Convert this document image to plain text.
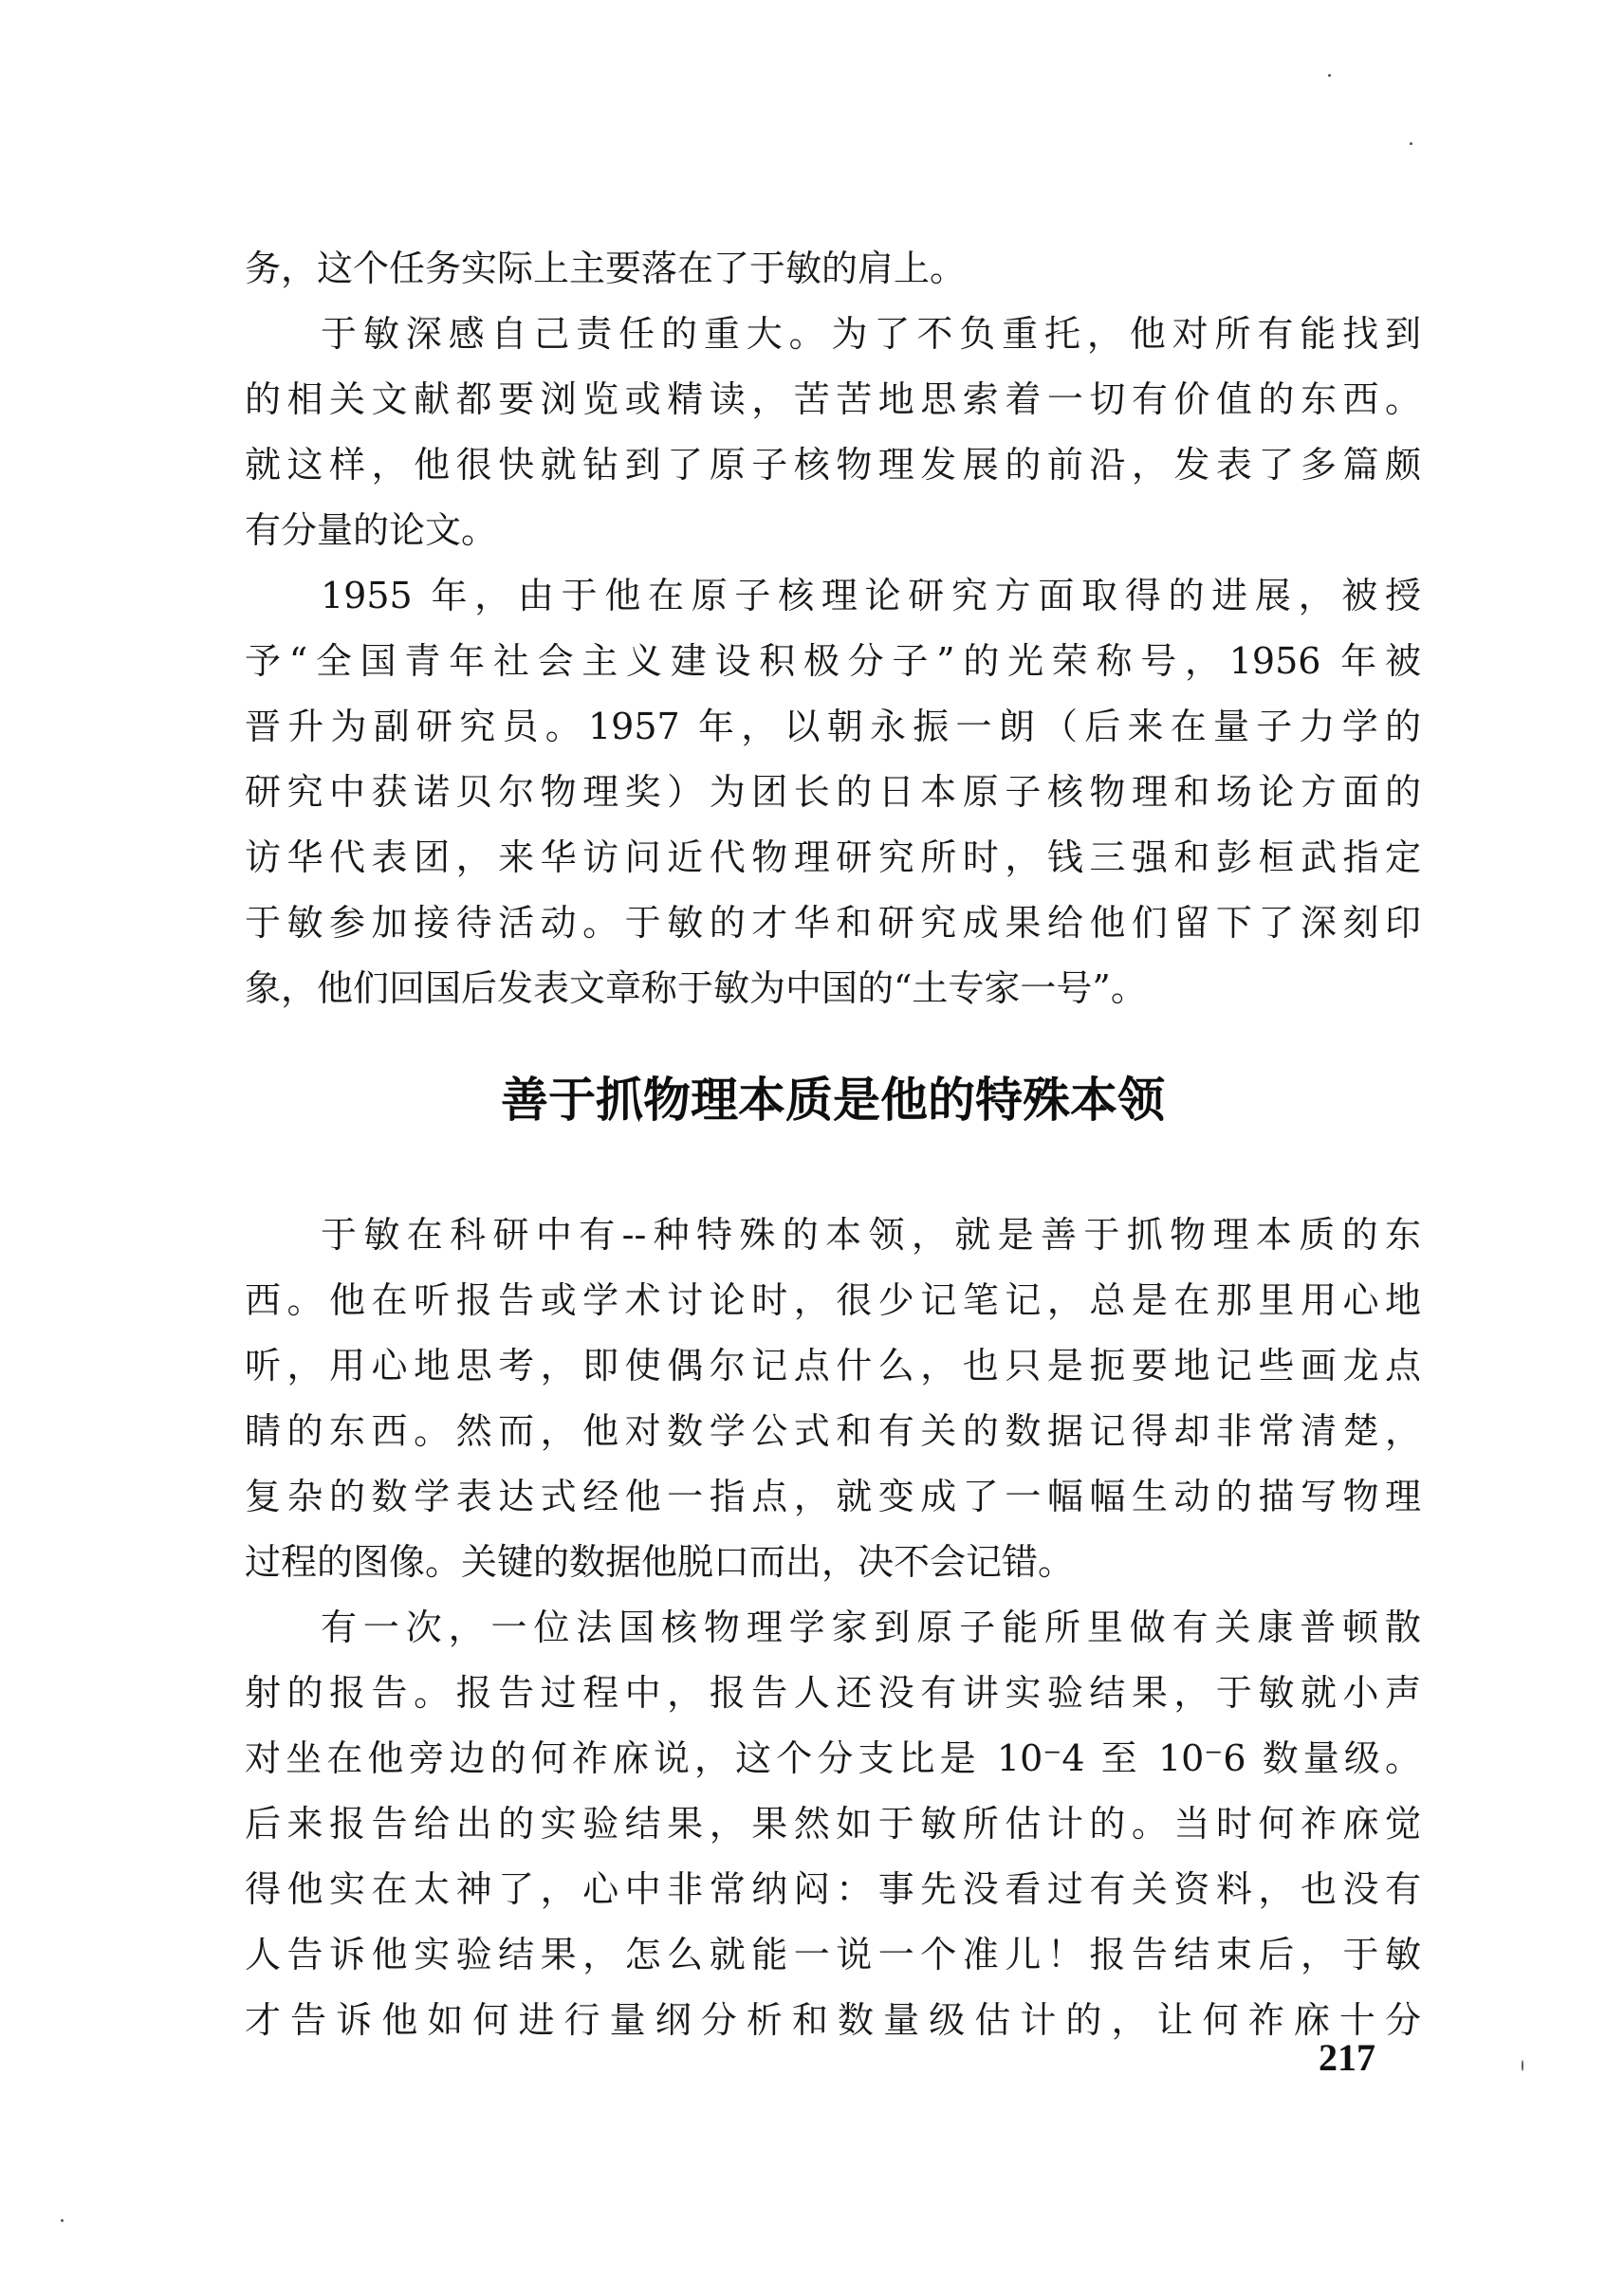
务，这个任务实际上主要落在了于敏的肩上。
于敏深感自己责任的重大。为了不负重托，他对所有能找到
的相关文献都要浏览或精读，苦苦地思索着一切有价值的东西。
就这样，他很快就钻到了原子核物理发展的前沿，发表了多篇颇
有分量的论文。
1955 年，由于他在原子核理论研究方面取得的进展，被授
予“全国青年社会主义建设积极分子”的光荣称号，1956 年被
晋升为副研究员。1957 年，以朝永振一朗（后来在量子力学的
研究中获诺贝尔物理奖）为团长的日本原子核物理和场论方面的
访华代表团，来华访问近代物理研究所时，钱三强和彭桓武指定
于敏参加接待活动。于敏的才华和研究成果给他们留下了深刻印
象，他们回国后发表文章称于敏为中国的“土专家一号”。
善于抓物理本质是他的特殊本领
于敏在科研中有--种特殊的本领，就是善于抓物理本质的东
西。他在听报告或学术讨论时，很少记笔记，总是在那里用心地
听，用心地思考，即使偶尔记点什么，也只是扼要地记些画龙点
睛的东西。然而，他对数学公式和有关的数据记得却非常清楚，
复杂的数学表达式经他一指点，就变成了一幅幅生动的描写物理
过程的图像。关键的数据他脱口而出，决不会记错。
有一次，一位法国核物理学家到原子能所里做有关康普顿散
射的报告。报告过程中，报告人还没有讲实验结果，于敏就小声
对坐在他旁边的何祚庥说，这个分支比是 10⁻4 至 10⁻6 数量级。
后来报告给出的实验结果，果然如于敏所估计的。当时何祚庥觉
得他实在太神了，心中非常纳闷：事先没看过有关资料，也没有
人告诉他实验结果，怎么就能一说一个准儿！报告结束后，于敏
才告诉他如何进行量纲分析和数量级估计的，让何祚庥十分
217
